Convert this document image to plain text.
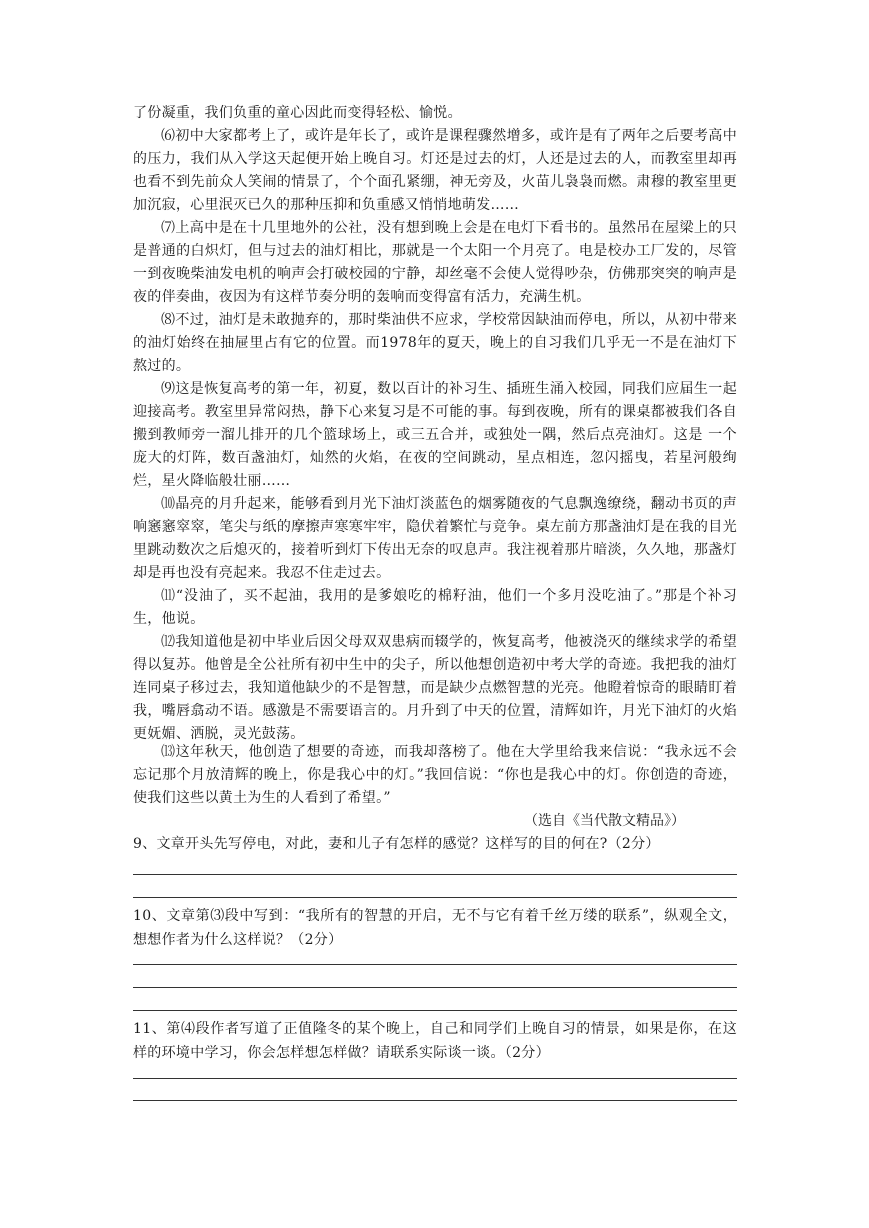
了份凝重，我们负重的童心因此而变得轻松、愉悦。

⑹初中大家都考上了，或许是年长了，或许是课程骤然增多，或许是有了两年之后要考高中的压力，我们从入学这天起便开始上晚自习。灯还是过去的灯，人还是过去的人，而教室里却再也看不到先前众人笑闹的情景了，个个面孔紧绷，神无旁及，火苗儿袅袅而燃。肃穆的教室里更加沉寂，心里泯灭已久的那种压抑和负重感又悄悄地萌发……

⑺上高中是在十几里地外的公社，没有想到晚上会是在电灯下看书的。虽然吊在屋梁上的只是普通的白炽灯，但与过去的油灯相比，那就是一个太阳一个月亮了。电是校办工厂发的，尽管一到夜晚柴油发电机的响声会打破校园的宁静，却丝毫不会使人觉得吵杂，仿佛那突突的响声是夜的伴奏曲，夜因为有这样节奏分明的轰响而变得富有活力，充满生机。

⑻不过，油灯是未敢抛弃的，那时柴油供不应求，学校常因缺油而停电，所以，从初中带来的油灯始终在抽屉里占有它的位置。而1978年的夏天，晚上的自习我们几乎无一不是在油灯下熬过的。

⑼这是恢复高考的第一年，初夏，数以百计的补习生、插班生涌入校园，同我们应届生一起迎接高考。教室里异常闷热，静下心来复习是不可能的事。每到夜晚，所有的课桌都被我们各自搬到教师旁一溜儿排开的几个篮球场上，或三五合并，或独处一隅，然后点亮油灯。这是 一个庞大的灯阵，数百盏油灯，灿然的火焰，在夜的空间跳动，星点相连，忽闪摇曳，若星河般绚烂，星火降临般壮丽……

⑽晶亮的月升起来，能够看到月光下油灯淡蓝色的烟雾随夜的气息飘逸缭绕，翻动书页的声响窸窸窣窣，笔尖与纸的摩擦声寒寒牢牢，隐伏着繁忙与竞争。桌左前方那盏油灯是在我的目光里跳动数次之后熄灭的，接着听到灯下传出无奈的叹息声。我注视着那片暗淡，久久地，那盏灯却是再也没有亮起来。我忍不住走过去。

⑾“没油了，买不起油，我用的是爹娘吃的棉籽油，他们一个多月没吃油了。”那是个补习生，他说。

⑿我知道他是初中毕业后因父母双双患病而辍学的，恢复高考，他被浇灭的继续求学的希望得以复苏。他曾是全公社所有初中生中的尖子，所以他想创造初中考大学的奇迹。我把我的油灯连同桌子移过去，我知道他缺少的不是智慧，而是缺少点燃智慧的光亮。他瞪着惊奇的眼睛盯着我，嘴唇翕动不语。感激是不需要语言的。月升到了中天的位置，清辉如许，月光下油灯的火焰更妩媚、洒脱，灵光鼓荡。

⒀这年秋天，他创造了想要的奇迹，而我却落榜了。他在大学里给我来信说：“我永远不会忘记那个月放清辉的晚上，你是我心中的灯。”我回信说：“你也是我心中的灯。你创造的奇迹，使我们这些以黄土为生的人看到了希望。”

（选自《当代散文精品》）

9、文章开头先写停电，对此，妻和儿子有怎样的感觉？这样写的目的何在?（2分）

10、文章第⑶段中写到：“我所有的智慧的开启，无不与它有着千丝万缕的联系”，纵观全文，想想作者为什么这样说？（2分）

11、第⑷段作者写道了正值隆冬的某个晚上，自己和同学们上晚自习的情景，如果是你，在这样的环境中学习，你会怎样想怎样做？请联系实际谈一谈。（2分）
